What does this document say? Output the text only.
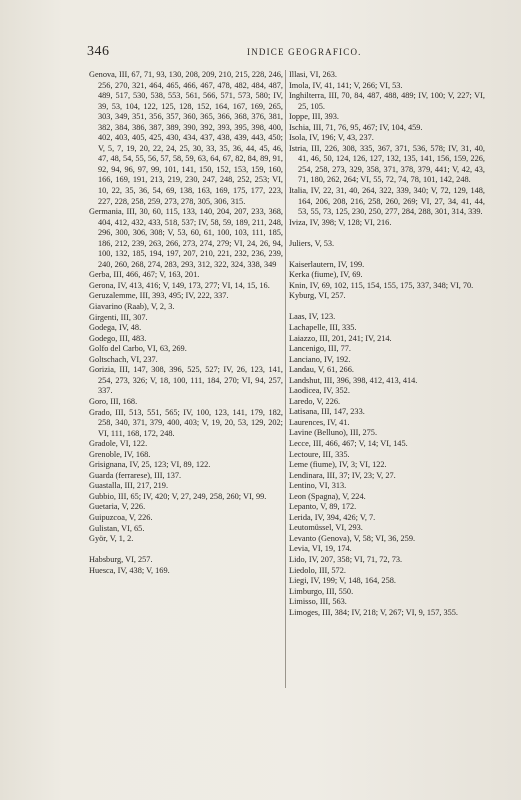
346	INDICE GEOGRAFICO.
Genova, III, 67, 71, 93, 130, 208, 209, 210, 215, 228, 246, 256, 270, 321, 464, 465, 466, 467, 478, 482, 484, 487, 489, 517, 530, 538, 553, 561, 566, 571, 573, 580; IV, 39, 53, 104, 122, 125, 128, 152, 164, 167, 169, 265, 303, 349, 351, 356, 357, 360, 365, 366, 368, 376, 381, 382, 384, 386, 387, 389, 390, 392, 393, 395, 398, 400, 402, 403, 405, 425, 430, 434, 437, 438, 439, 443, 450; V, 5, 7, 19, 20, 22, 24, 25, 30, 33, 35, 36, 44, 45, 46, 47, 48, 54, 55, 56, 57, 58, 59, 63, 64, 67, 82, 84, 89, 91, 92, 94, 96, 97, 99, 101, 141, 150, 152, 153, 159, 160, 166, 169, 191, 213, 219, 230, 247, 248, 252, 253; VI, 10, 22, 35, 36, 54, 69, 138, 163, 169, 175, 177, 223, 227, 228, 258, 259, 273, 278, 305, 306, 315.
Germania, III, 30, 60, 115, 133, 140, 204, 207, 233, 368, 404, 412, 432, 433, 518, 537; IV, 58, 59, 189, 211, 248, 296, 300, 306, 308; V, 53, 60, 61, 100, 103, 111, 185, 186, 212, 239, 263, 266, 273, 274, 279; VI, 24, 26, 94, 100, 132, 185, 194, 197, 207, 210, 221, 232, 236, 239, 240, 260, 268, 274, 283, 293, 312, 322, 324, 338, 349
Gerba, III, 466, 467; V, 163, 201.
Gerona, IV, 413, 416; V, 149, 173, 277; VI, 14, 15, 16.
Geruzalemme, III, 393, 495; IV, 222, 337.
Giavarino (Raab), V, 2, 3.
Girgenti, III, 307.
Godega, IV, 48.
Godego, III, 483.
Golfo del Carbo, VI, 63, 269.
Goltschach, VI, 237.
Gorizia, III, 147, 308, 396, 525, 527; IV, 26, 123, 141, 254, 273, 326; V, 18, 100, 111, 184, 270; VI, 94, 257, 337.
Goro, III, 168.
Grado, III, 513, 551, 565; IV, 100, 123, 141, 179, 182, 258, 340, 371, 379, 400, 403; V, 19, 20, 53, 129, 202; VI, 111, 168, 172, 248.
Gradole, VI, 122.
Grenoble, IV, 168.
Grisignana, IV, 25, 123; VI, 89, 122.
Guarda (ferrarese), III, 137.
Guastalla, III, 217, 219.
Gubbio, III, 65; IV, 420; V, 27, 249, 258, 260; VI, 99.
Guetaria, V, 226.
Guipuzcoa, V, 226.
Gulistan, VI, 65.
Györ, V, 1, 2.
Habsburg, VI, 257.
Huesca, IV, 438; V, 169.
Illasi, VI, 263.
Imola, IV, 41, 141; V, 266; VI, 53.
Inghilterra, III, 70, 84, 487, 488, 489; IV, 100; V, 227; VI, 25, 105.
Ioppe, III, 393.
Ischia, III, 71, 76, 95, 467; IV, 104, 459.
Isola, IV, 196; V, 43, 237.
Istria, III, 226, 308, 335, 367, 371, 536, 578; IV, 31, 40, 41, 46, 50, 124, 126, 127, 132, 135, 141, 156, 159, 226, 254, 258, 273, 329, 358, 371, 378, 379, 441; V, 42, 43, 71, 180, 262, 264; VI, 55, 72, 74, 78, 101, 142, 248.
Italia, IV, 22, 31, 40, 264, 322, 339, 340; V, 72, 129, 148, 164, 206, 208, 216, 258, 260, 269; VI, 27, 34, 41, 44, 53, 55, 73, 125, 230, 250, 277, 284, 288, 301, 314, 339.
Iviza, IV, 398; V, 128; VI, 216.
Juliers, V, 53.
Kaiserlautern, IV, 199.
Kerka (fiume), IV, 69.
Knin, IV, 69, 102, 115, 154, 155, 175, 337, 348; VI, 70.
Kyburg, VI, 257.
Laas, IV, 123.
Lachapelle, III, 335.
Laiazzo, III, 201, 241; IV, 214.
Lancenigo, III, 77.
Lanciano, IV, 192.
Landau, V, 61, 266.
Landshut, III, 396, 398, 412, 413, 414.
Laodicea, IV, 352.
Laredo, V, 226.
Latisana, III, 147, 233.
Laurences, IV, 41.
Lavine (Belluno), III, 275.
Lecce, III, 466, 467; V, 14; VI, 145.
Lectoure, III, 335.
Leme (fiume), IV, 3; VI, 122.
Lendinara, III, 37; IV, 23; V, 27.
Lentino, VI, 313.
Leon (Spagna), V, 224.
Lepanto, V, 89, 172.
Lerida, IV, 394, 426; V, 7.
Leutomüssel, VI, 293.
Levanto (Genova), V, 58; VI, 36, 259.
Levia, VI, 19, 174.
Lido, IV, 207, 358; VI, 71, 72, 73.
Liedolo, III, 572.
Liegi, IV, 199; V, 148, 164, 258.
Limburgo, III, 550.
Limisso, III, 563.
Limoges, III, 384; IV, 218; V, 267; VI, 9, 157, 355.
